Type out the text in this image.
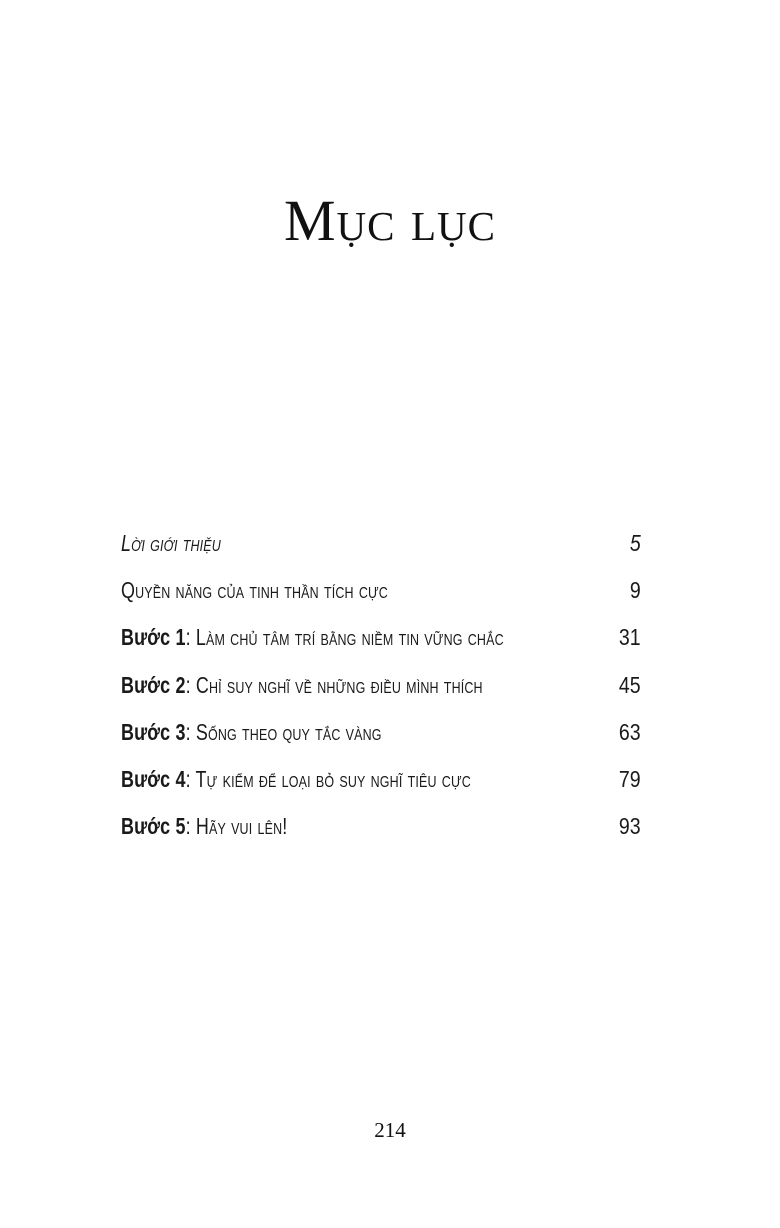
Mục lục
Lời giới thiệu	5
Quyền năng của tinh thần tích cực	9
Bước 1: Làm chủ tâm trí bằng niềm tin vững chắc	31
Bước 2: Chỉ suy nghĩ về những điều mình thích	45
Bước 3: Sống theo quy tắc vàng	63
Bước 4: Tự kiểm để loại bỏ suy nghĩ tiêu cực	79
Bước 5: Hãy vui lên!	93
214
